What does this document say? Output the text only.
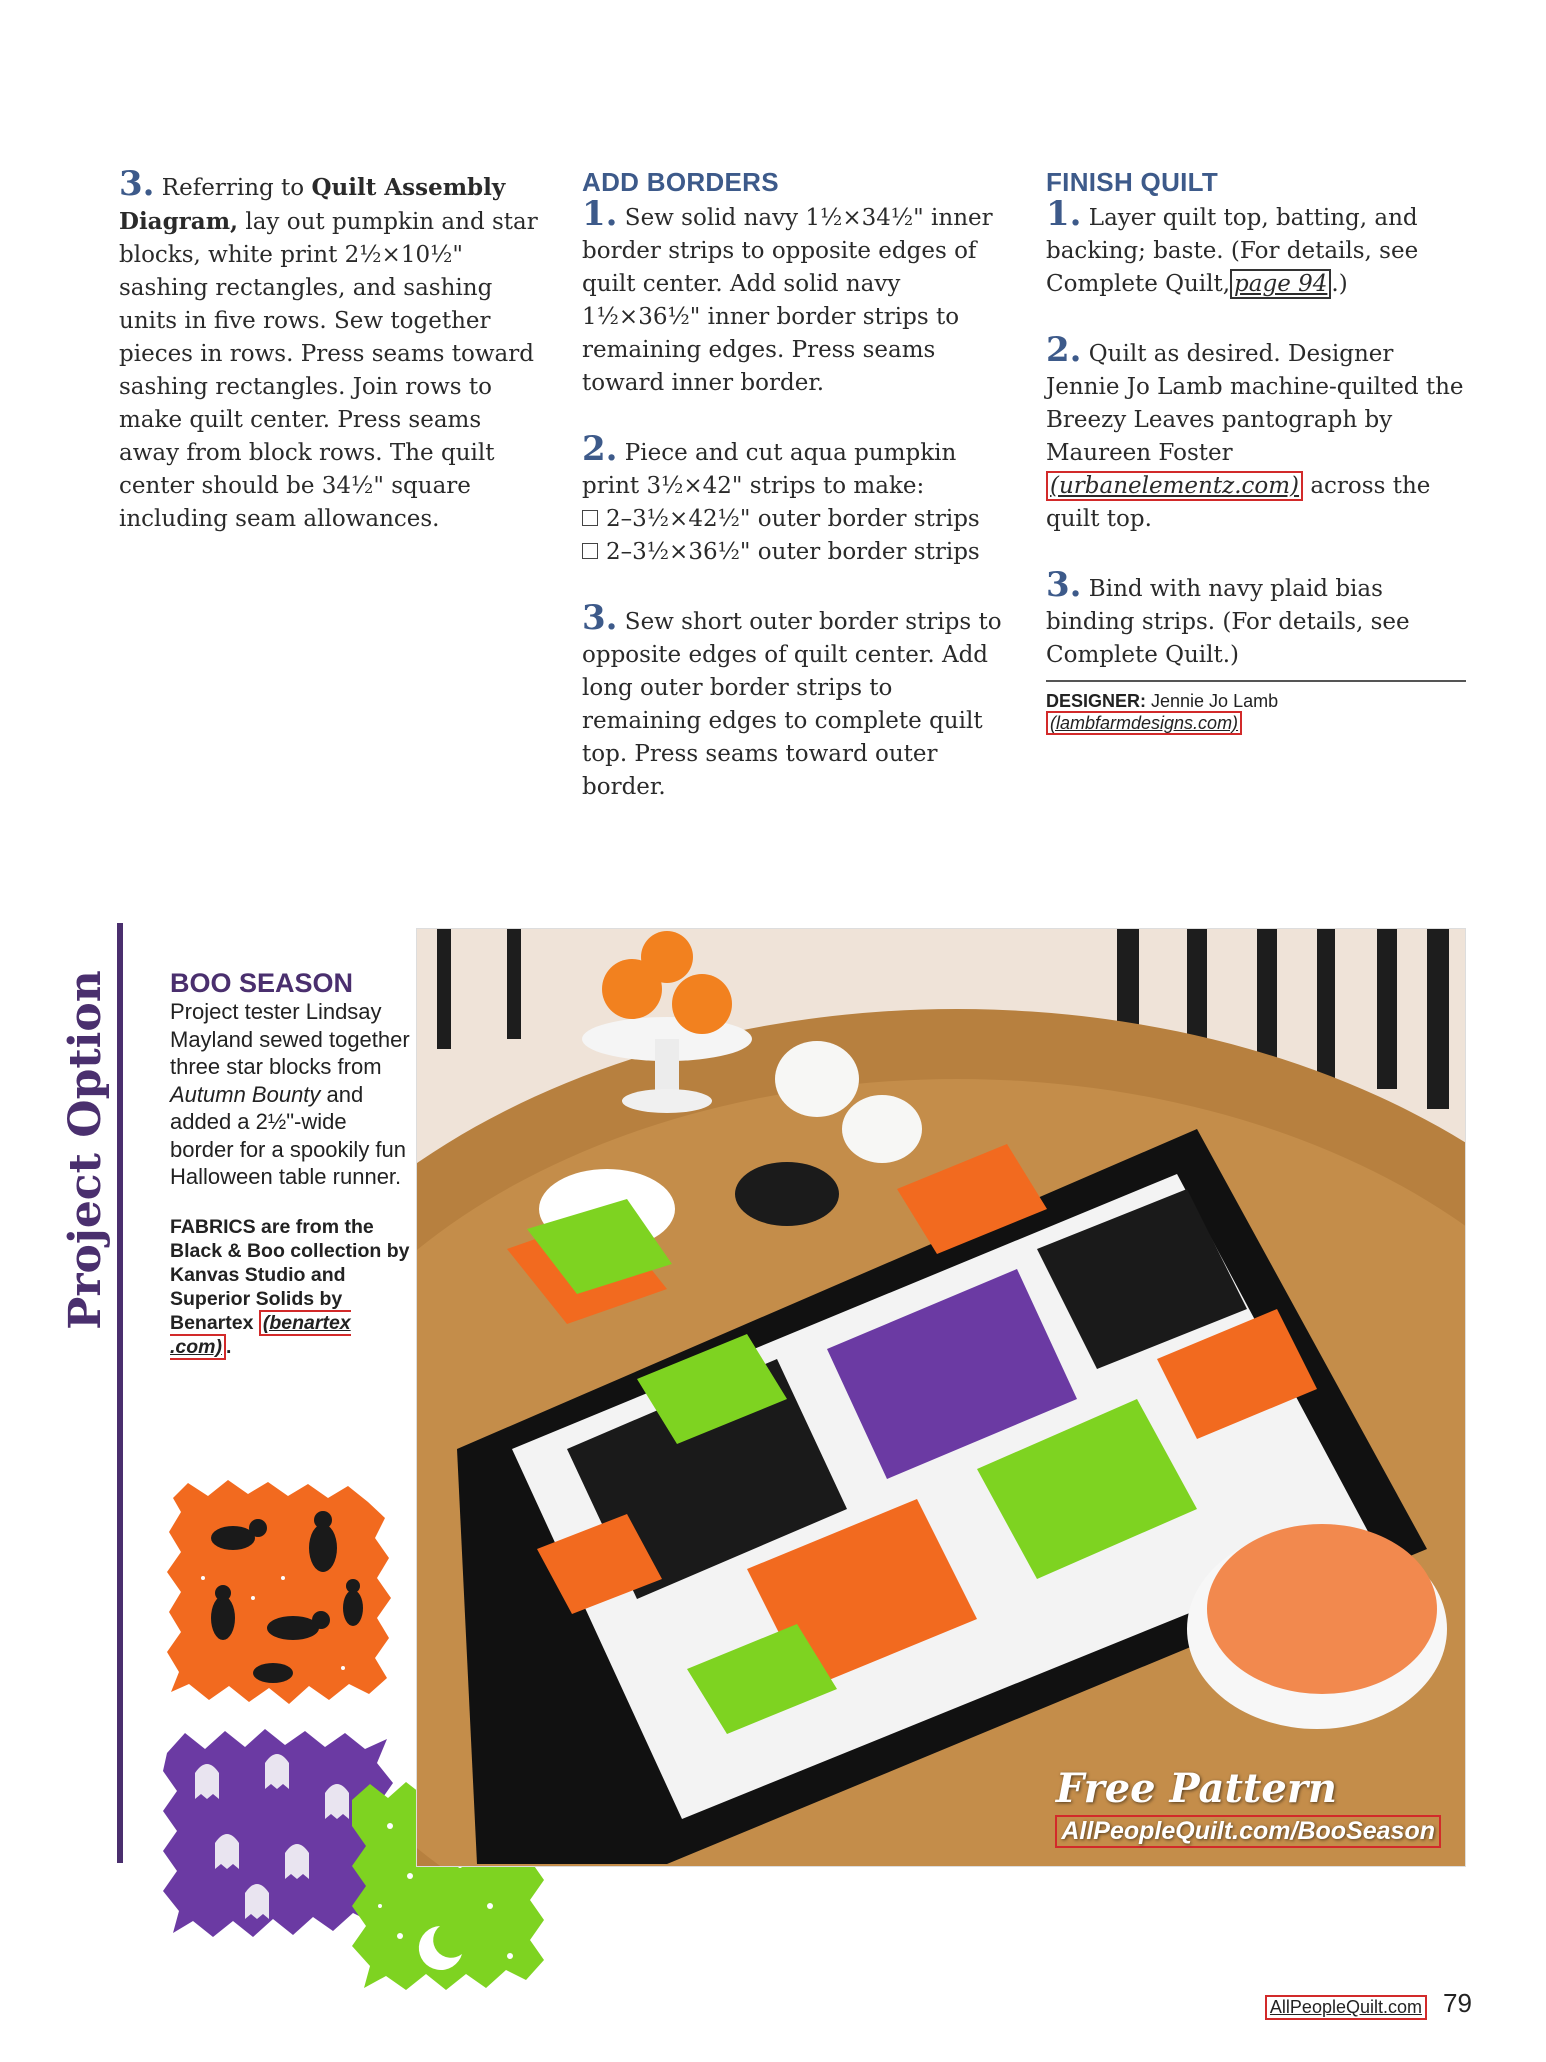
3. Referring to Quilt Assembly Diagram, lay out pumpkin and star blocks, white print 2½×10½" sashing rectangles, and sashing units in five rows. Sew together pieces in rows. Press seams toward sashing rectangles. Join rows to make quilt center. Press seams away from block rows. The quilt center should be 34½" square including seam allowances.

ADD BORDERS

1. Sew solid navy 1½×34½" inner border strips to opposite edges of quilt center. Add solid navy 1½×36½" inner border strips to remaining edges. Press seams toward inner border.

2. Piece and cut aqua pumpkin print 3½×42" strips to make:
2–3½×42½" outer border strips
2–3½×36½" outer border strips

3. Sew short outer border strips to opposite edges of quilt center. Add long outer border strips to remaining edges to complete quilt top. Press seams toward outer border.

FINISH QUILT

1. Layer quilt top, batting, and backing; baste. (For details, see Complete Quilt, page 94 .)

2. Quilt as desired. Designer Jennie Jo Lamb machine-quilted the Breezy Leaves pantograph by Maureen Foster (urbanelementz.com) across the quilt top.

3. Bind with navy plaid bias binding strips. (For details, see Complete Quilt.)

DESIGNER: Jennie Jo Lamb
(lambfarmdesigns.com)
Project Option BOO SEASON
Project tester Lindsay Mayland sewed together three star blocks from Autumn Bounty and added a 2½"-wide border for a spookily fun Halloween table runner.
FABRICS are from the Black & Boo collection by Kanvas Studio and Superior Solids by Benartex (benartex .com) .
Free Pattern
AllPeopleQuilt.com/BooSeason
AllPeopleQuilt.com 79
